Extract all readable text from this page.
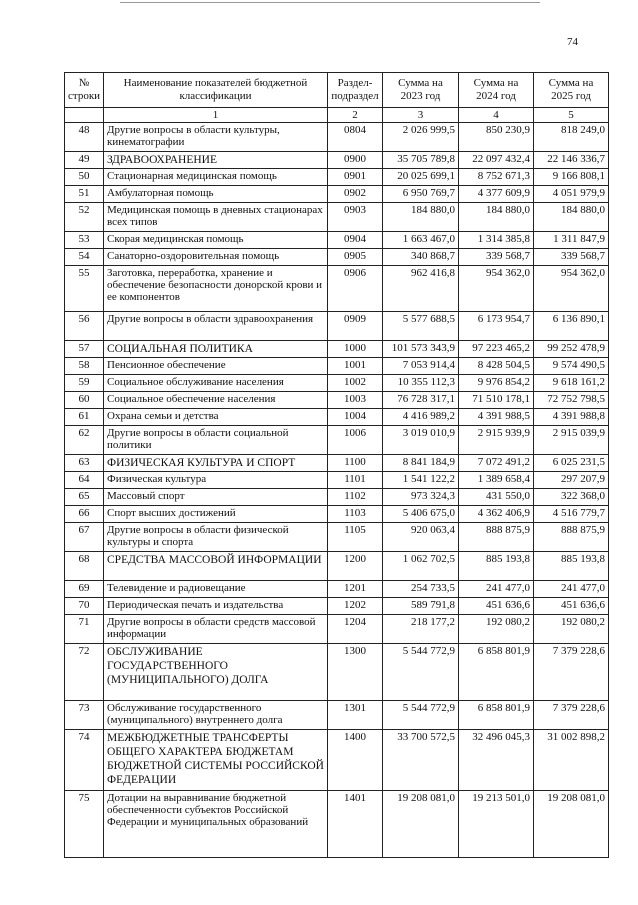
74
№ строки	Наименование показателей бюджетной классификации	Раздел-подраздел	Сумма на 2023 год	Сумма на 2024 год	Сумма на 2025 год
	1	2	3	4	5
48	Другие вопросы в области культуры, кинематографии	0804	2 026 999,5	850 230,9	818 249,0
49	ЗДРАВООХРАНЕНИЕ	0900	35 705 789,8	22 097 432,4	22 146 336,7
50	Стационарная медицинская помощь	0901	20 025 699,1	8 752 671,3	9 166 808,1
51	Амбулаторная помощь	0902	6 950 769,7	4 377 609,9	4 051 979,9
52	Медицинская помощь в дневных стационарах всех типов	0903	184 880,0	184 880,0	184 880,0
53	Скорая медицинская помощь	0904	1 663 467,0	1 314 385,8	1 311 847,9
54	Санаторно-оздоровительная помощь	0905	340 868,7	339 568,7	339 568,7
55	Заготовка, переработка, хранение и обеспечение безопасности донорской крови и ее компонентов	0906	962 416,8	954 362,0	954 362,0
56	Другие вопросы в области здравоохранения	0909	5 577 688,5	6 173 954,7	6 136 890,1
57	СОЦИАЛЬНАЯ ПОЛИТИКА	1000	101 573 343,9	97 223 465,2	99 252 478,9
58	Пенсионное обеспечение	1001	7 053 914,4	8 428 504,5	9 574 490,5
59	Социальное обслуживание населения	1002	10 355 112,3	9 976 854,2	9 618 161,2
60	Социальное обеспечение населения	1003	76 728 317,1	71 510 178,1	72 752 798,5
61	Охрана семьи и детства	1004	4 416 989,2	4 391 988,5	4 391 988,8
62	Другие вопросы в области социальной политики	1006	3 019 010,9	2 915 939,9	2 915 039,9
63	ФИЗИЧЕСКАЯ КУЛЬТУРА И СПОРТ	1100	8 841 184,9	7 072 491,2	6 025 231,5
64	Физическая культура	1101	1 541 122,2	1 389 658,4	297 207,9
65	Массовый спорт	1102	973 324,3	431 550,0	322 368,0
66	Спорт высших достижений	1103	5 406 675,0	4 362 406,9	4 516 779,7
67	Другие вопросы в области физической культуры и спорта	1105	920 063,4	888 875,9	888 875,9
68	СРЕДСТВА МАССОВОЙ ИНФОРМАЦИИ	1200	1 062 702,5	885 193,8	885 193,8
69	Телевидение и радиовещание	1201	254 733,5	241 477,0	241 477,0
70	Периодическая печать и издательства	1202	589 791,8	451 636,6	451 636,6
71	Другие вопросы в области средств массовой информации	1204	218 177,2	192 080,2	192 080,2
72	ОБСЛУЖИВАНИЕ ГОСУДАРСТВЕННОГО (МУНИЦИПАЛЬНОГО) ДОЛГА	1300	5 544 772,9	6 858 801,9	7 379 228,6
73	Обслуживание государственного (муниципального) внутреннего долга	1301	5 544 772,9	6 858 801,9	7 379 228,6
74	МЕЖБЮДЖЕТНЫЕ ТРАНСФЕРТЫ ОБЩЕГО ХАРАКТЕРА БЮДЖЕТАМ БЮДЖЕТНОЙ СИСТЕМЫ РОССИЙСКОЙ ФЕДЕРАЦИИ	1400	33 700 572,5	32 496 045,3	31 002 898,2
75	Дотации на выравнивание бюджетной обеспеченности субъектов Российской Федерации и муниципальных образований	1401	19 208 081,0	19 213 501,0	19 208 081,0
